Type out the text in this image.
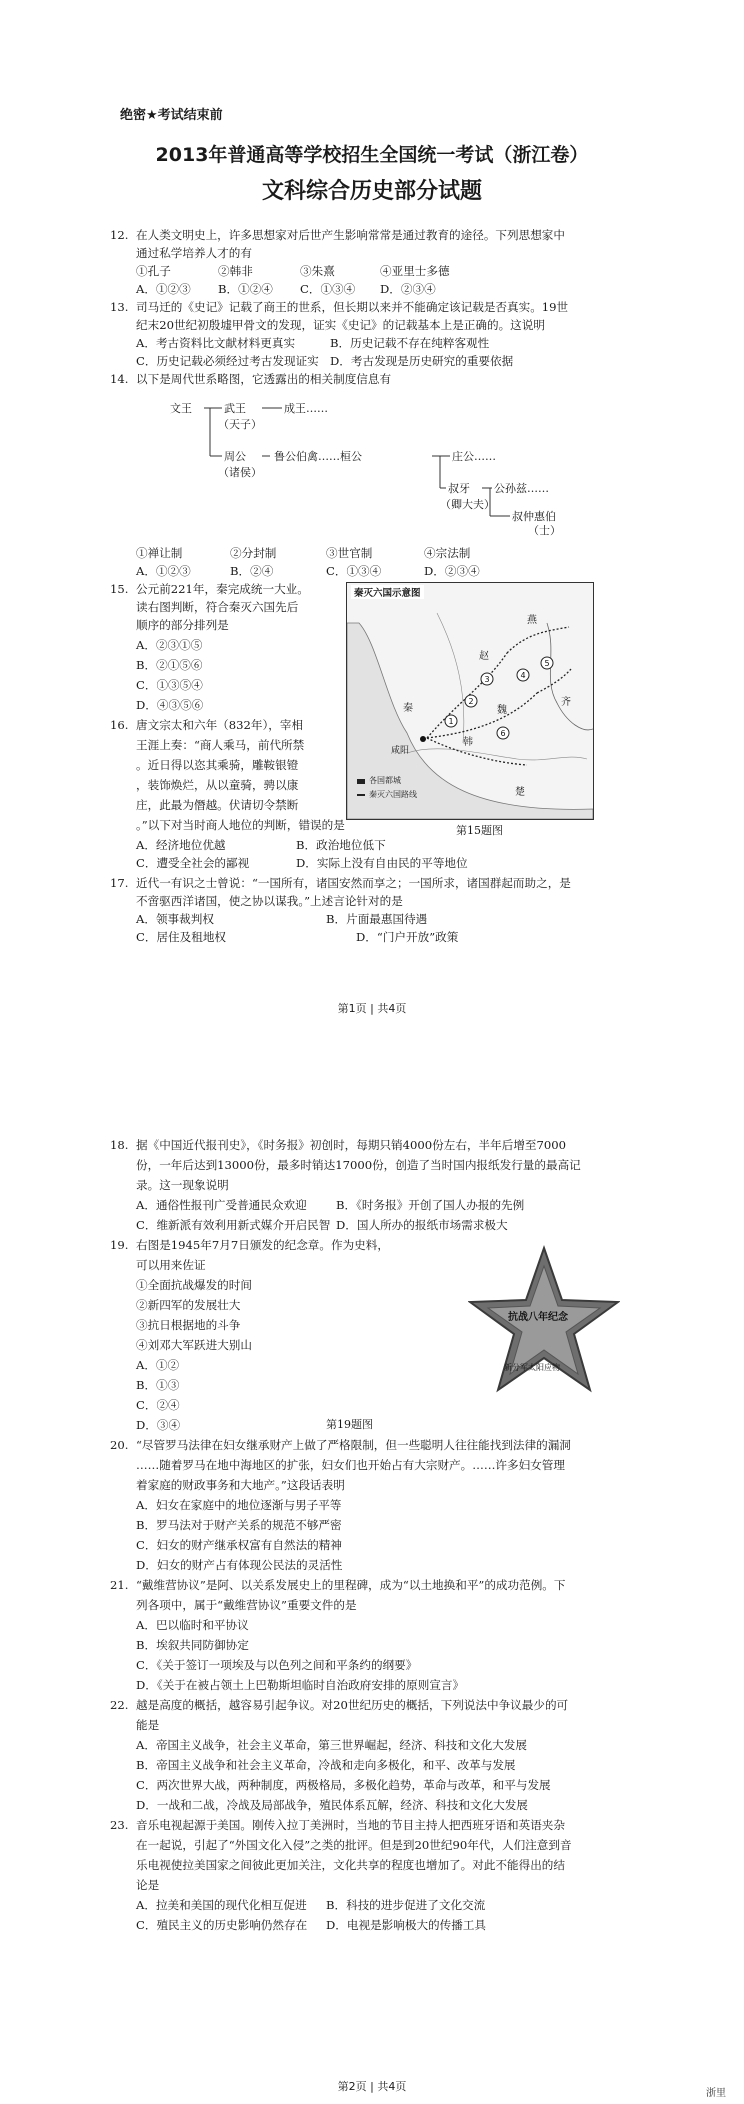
绝密★考试结束前
2013年普通高等学校招生全国统一考试（浙江卷）
文科综合历史部分试题
12. 在人类文明史上，许多思想家对后世产生影响常常是通过教育的途径。下列思想家中
通过私学培养人才的有
①孔子	②韩非	③朱熹	④亚里士多德
A．①②③ B．①②④ C．①③④ D．②③④
13. 司马迁的《史记》记载了商王的世系，但长期以来并不能确定该记载是否真实。19世
纪末20世纪初殷墟甲骨文的发现，证实《史记》的记载基本上是正确的。这说明
A．考古资料比文献材料更真实	B．历史记载不存在纯粹客观性
C．历史记载必须经过考古发现证实 D．考古发现是历史研究的重要依据
14. 以下是周代世系略图，它透露出的相关制度信息有
文王	武王
（天子）
成王……
周公
（诸侯）
鲁公伯禽……桓公	庄公……
叔牙
（卿大夫）
公孙兹……
叔仲惠伯
（士）
①禅让制	②分封制	③世官制	④宗法制
A．①②③	B．②④	C．①③④	D．②③④
15. 公元前221年，秦完成统一大业。
读右图判断，符合秦灭六国先后
顺序的部分排列是
A．②③①⑤
B．②①⑤⑥
C．①③⑤④
D．④③⑤⑥
1
2
3	4
5
6
秦灭六国示意图
秦
咸阳
楚
赵
燕
齐
魏
韩
各国都城
秦灭六国路线
第15题图
16. 唐文宗太和六年（832年），宰相
王涯上奏：“商人乘马，前代所禁
。近日得以恣其乘骑，雕鞍银镫
，装饰焕烂，从以童骑，骋以康
庄，此最为僭越。伏请切令禁断
。”以下对当时商人地位的判断，错误的是
A．经济地位优越	B．政治地位低下
C．遭受全社会的鄙视	D．实际上没有自由民的平等地位
17. 近代一有识之士曾说：“一国所有，诸国安然而享之；一国所求，诸国群起而助之，是
不啻驱西洋诸国，使之协以谋我。”上述言论针对的是
A．领事裁判权	B．片面最惠国待遇
C．居住及租地权	D．“门户开放”政策
第1页 | 共4页
18. 据《中国近代报刊史》，《时务报》初创时，每期只销4000份左右，半年后增至7000
份，一年后达到13000份，最多时销达17000份，创造了当时国内报纸发行量的最高记
录。这一现象说明
A．通俗性报刊广受普通民众欢迎	B．《时务报》开创了国人办报的先例
C．维新派有效利用新式媒介开启民智 D．国人所办的报纸市场需求极大
19. 右图是1945年7月7日颁发的纪念章。作为史料，
可以用来佐证
①全面抗战爆发的时间
②新四军的发展壮大
③抗日根据地的斗争
④刘邓大军跃进大别山
A．①②
B．①③
C．②④
D．③④
抗战八年纪念
新分军太阳应物
第19题图
20. “尽管罗马法律在妇女继承财产上做了严格限制，但一些聪明人往往能找到法律的漏洞
……随着罗马在地中海地区的扩张，妇女们也开始占有大宗财产。……许多妇女管理
着家庭的财政事务和大地产。”这段话表明
A．妇女在家庭中的地位逐渐与男子平等
B．罗马法对于财产关系的规范不够严密
C．妇女的财产继承权富有自然法的精神
D．妇女的财产占有体现公民法的灵活性
21. “戴维营协议”是阿、以关系发展史上的里程碑，成为“以土地换和平”的成功范例。下
列各项中，属于“戴维营协议”重要文件的是
A．巴以临时和平协议
B．埃叙共同防御协定
C．《关于签订一项埃及与以色列之间和平条约的纲要》
D．《关于在被占领土上巴勒斯坦临时自治政府安排的原则宣言》
22. 越是高度的概括，越容易引起争议。对20世纪历史的概括，下列说法中争议最少的可
能是
A．帝国主义战争，社会主义革命，第三世界崛起，经济、科技和文化大发展
B．帝国主义战争和社会主义革命，冷战和走向多极化，和平、改革与发展
C．两次世界大战，两种制度，两极格局，多极化趋势，革命与改革，和平与发展
D．一战和二战，冷战及局部战争，殖民体系瓦解，经济、科技和文化大发展
23. 音乐电视起源于美国。刚传入拉丁美洲时，当地的节目主持人把西班牙语和英语夹杂
在一起说，引起了“外国文化入侵”之类的批评。但是到20世纪90年代，人们注意到音
乐电视使拉美国家之间彼此更加关注，文化共享的程度也增加了。对此不能得出的结
论是
A．拉美和美国的现代化相互促进 B．科技的进步促进了文化交流
C．殖民主义的历史影响仍然存在 D．电视是影响极大的传播工具
第2页 | 共4页
浙里
